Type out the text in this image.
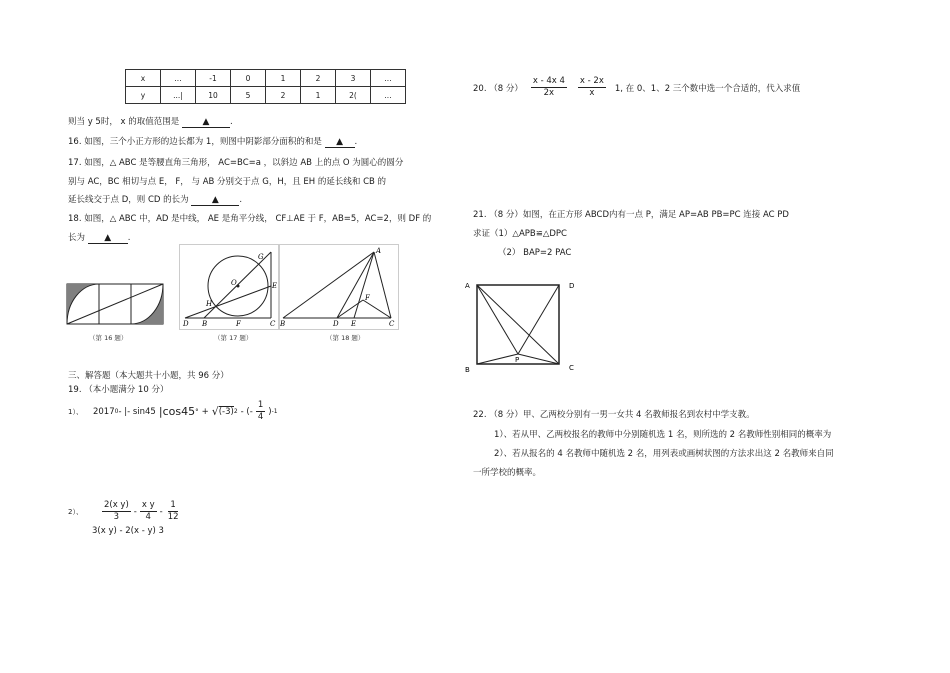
x	...	-1	0	1	2	3	...
y	...|	10	5	2	1	2(	...
则当 y 5时， x 的取值范围是	▲ .
16. 如图，三个小正方形的边长都为 1，则图中阴影部分面积的和是 ▲ .
17. 如图，△ ABC 是等腰直角三角形， AC=BC=a ，以斜边 AB 上的点 O 为圆心的圆分
别与 AC，BC 相切与点 E， F， 与 AB 分别交于点 G，H，且 EH 的延长线和 CB 的
延长线交于点 D，则 CD 的长为	▲ .
18. 如图，△ ABC 中，AD 是中线， AE 是角平分线， CF⊥AE 于 F，AB=5，AC=2，则 DF 的
长为 ▲ .
（第 16 题）
G
O	E
H
D B	F	C
（第 17 题）
A
F
B	D E	C
（第 18 题）
三、解答题（本大题共十小题，共 96 分）
19. （本小题满分 10 分）
1）、 2017 0 - |- sin45 | cos45 ° + √ (-3) 2 - (- $\frac{1}{4}$ ) -1
2）、 $\frac{\text{2(x y)}}{3} - \frac{\text{x y}}{4} - \frac{1}{12}$
3(x y) - 2(x - y) 3
20. （8 分） $\frac{x - 4x 4}{2x} \frac{x - 2x}{x} 1$, 在 0、1、2 三个数中选一个合适的，代入求值
21. （8 分）如图，在正方形 ABCD内有一点 P，满足 AP=AB PB=PC 连接 AC PD
求证（1）△APB≌△DPC
（2） BAP=2 PAC
A	D
B	C
P
22. （8 分）甲、乙两校分别有一男一女共 4 名教师报名到农村中学支教。
1）、若从甲、乙两校报名的教师中分别随机选 1 名，则所选的 2 名教师性别相同的概率为
2）、若从报名的 4 名教师中随机选 2 名，用列表或画树状图的方法求出这 2 名教师来自同
一所学校的概率。
